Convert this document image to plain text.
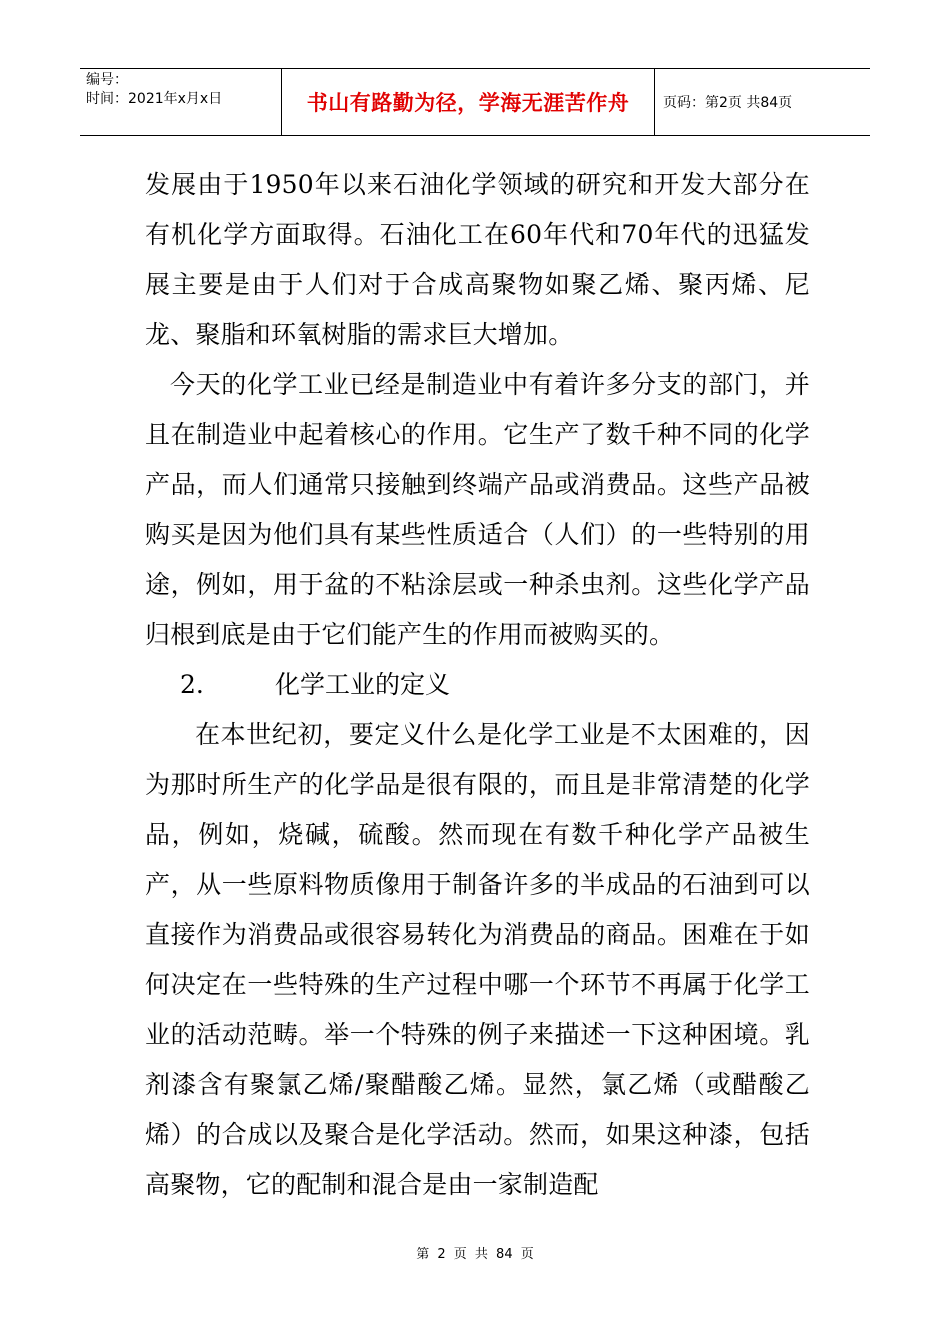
编号：
时间：2021年x月x日	书山有路勤为径，学海无涯苦作舟	页码：第2页 共84页

发展由于1950年以来石油化学领域的研究和开发大部分在有机化学方面取得。石油化工在60年代和70年代的迅猛发展主要是由于人们对于合成高聚物如聚乙烯、聚丙烯、尼龙、聚脂和环氧树脂的需求巨大增加。

今天的化学工业已经是制造业中有着许多分支的部门，并且在制造业中起着核心的作用。它生产了数千种不同的化学产品，而人们通常只接触到终端产品或消费品。这些产品被购买是因为他们具有某些性质适合（人们）的一些特别的用途，例如，用于盆的不粘涂层或一种杀虫剂。这些化学产品归根到底是由于它们能产生的作用而被购买的。

2.	化学工业的定义

在本世纪初，要定义什么是化学工业是不太困难的，因为那时所生产的化学品是很有限的，而且是非常清楚的化学品，例如，烧碱，硫酸。然而现在有数千种化学产品被生产，从一些原料物质像用于制备许多的半成品的石油到可以直接作为消费品或很容易转化为消费品的商品。困难在于如何决定在一些特殊的生产过程中哪一个环节不再属于化学工业的活动范畴。举一个特殊的例子来描述一下这种困境。乳剂漆含有聚氯乙烯/聚醋酸乙烯。显然，氯乙烯（或醋酸乙烯）的合成以及聚合是化学活动。然而，如果这种漆，包括高聚物，它的配制和混合是由一家制造配

第 2 页 共 84 页
